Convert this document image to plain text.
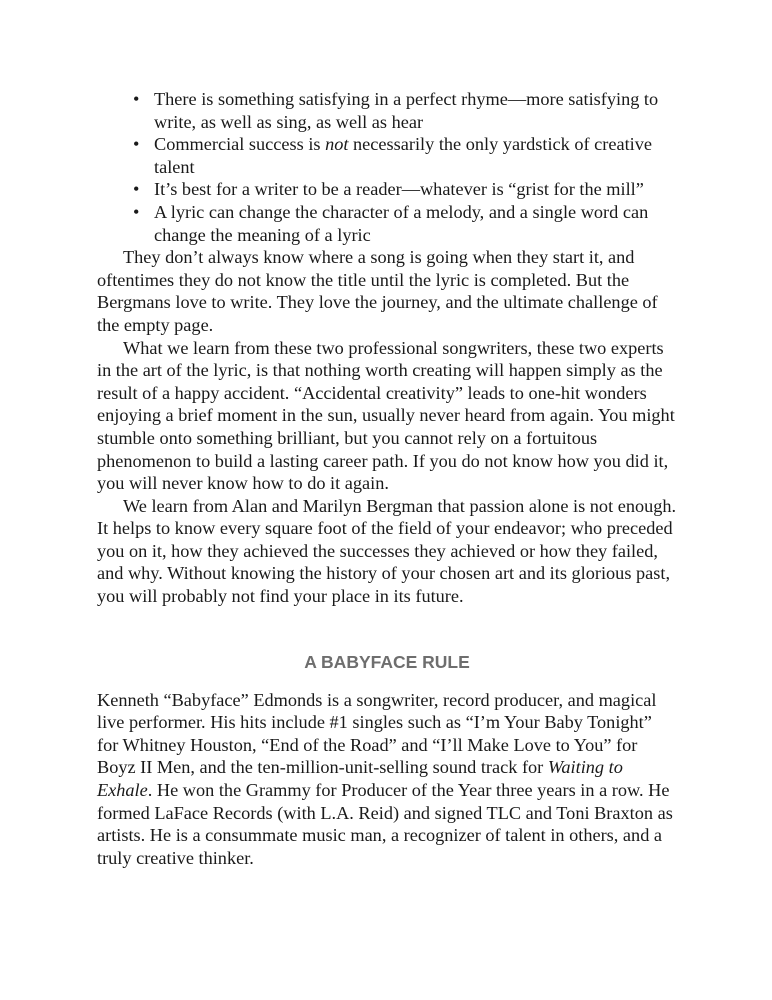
• There is something satisfying in a perfect rhyme—more satisfying to write, as well as sing, as well as hear
• Commercial success is not necessarily the only yardstick of creative talent
• It’s best for a writer to be a reader—whatever is “grist for the mill”
• A lyric can change the character of a melody, and a single word can change the meaning of a lyric

They don’t always know where a song is going when they start it, and oftentimes they do not know the title until the lyric is completed. But the Bergmans love to write. They love the journey, and the ultimate challenge of the empty page.

What we learn from these two professional songwriters, these two experts in the art of the lyric, is that nothing worth creating will happen simply as the result of a happy accident. “Accidental creativity” leads to one-hit wonders enjoying a brief moment in the sun, usually never heard from again. You might stumble onto something brilliant, but you cannot rely on a fortuitous phenomenon to build a lasting career path. If you do not know how you did it, you will never know how to do it again.

We learn from Alan and Marilyn Bergman that passion alone is not enough. It helps to know every square foot of the field of your endeavor; who preceded you on it, how they achieved the successes they achieved or how they failed, and why. Without knowing the history of your chosen art and its glorious past, you will probably not find your place in its future.

A BABYFACE RULE

Kenneth “Babyface” Edmonds is a songwriter, record producer, and magical live performer. His hits include #1 singles such as “I’m Your Baby Tonight” for Whitney Houston, “End of the Road” and “I’ll Make Love to You” for Boyz II Men, and the ten-million-unit-selling sound track for Waiting to Exhale. He won the Grammy for Producer of the Year three years in a row. He formed LaFace Records (with L.A. Reid) and signed TLC and Toni Braxton as artists. He is a consummate music man, a recognizer of talent in others, and a truly creative thinker.
